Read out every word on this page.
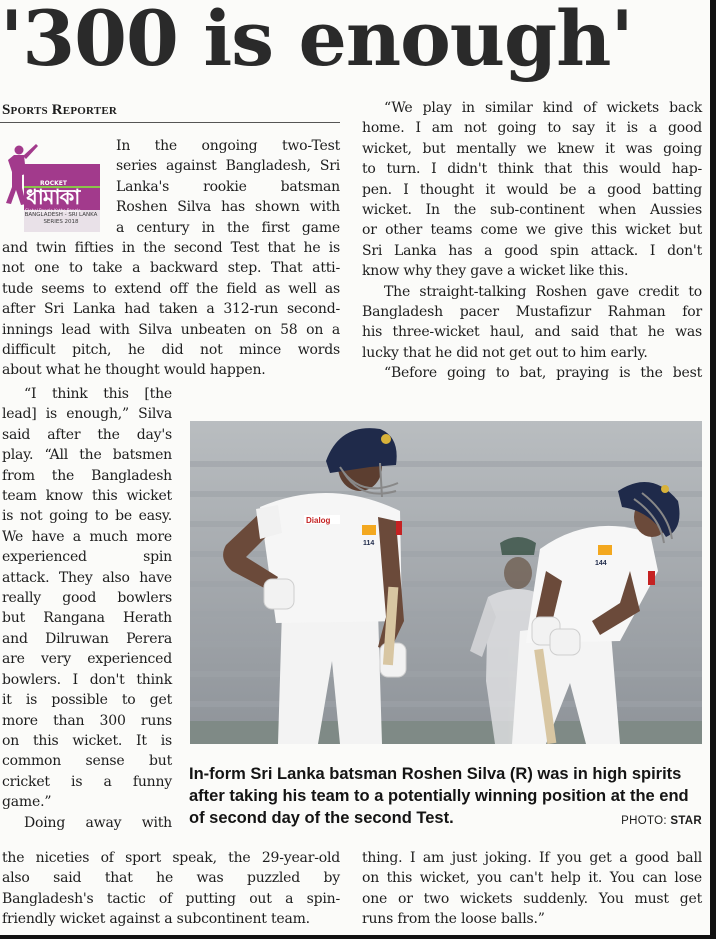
'300 is enough'
Sports Reporter
ROCKET
ধামাকা
Global Bangla Kotho Bangla
BANGLADESH - SRI LANKA
SERIES 2018
In the ongoing two-Test
series against Bangladesh, Sri
Lanka's rookie batsman
Roshen Silva has shown with
a century in the first game
and twin fifties in the second Test that he is
not one to take a backward step. That atti-
tude seems to extend off the field as well as
after Sri Lanka had taken a 312-run second-
innings lead with Silva unbeaten on 58 on a
difficult pitch, he did not mince words
about what he thought would happen.
“I think this [the
lead] is enough,” Silva
said after the day's
play. “All the batsmen
from the Bangladesh
team know this wicket
is not going to be easy.
We have a much more
experienced spin
attack. They also have
really good bowlers
but Rangana Herath
and Dilruwan Perera
are very experienced
bowlers. I don't think
it is possible to get
more than 300 runs
on this wicket. It is
common sense but
cricket is a funny
game.”
Doing away with
the niceties of sport speak, the 29-year-old
also said that he was puzzled by
Bangladesh's tactic of putting out a spin-
friendly wicket against a subcontinent team.
“We play in similar kind of wickets back
home. I am not going to say it is a good
wicket, but mentally we knew it was going
to turn. I didn't think that this would hap-
pen. I thought it would be a good batting
wicket. In the sub-continent when Aussies
or other teams come we give this wicket but
Sri Lanka has a good spin attack. I don't
know why they gave a wicket like this.
The straight-talking Roshen gave credit to
Bangladesh pacer Mustafizur Rahman for
his three-wicket haul, and said that he was
lucky that he did not get out to him early.
“Before going to bat, praying is the best
Dialog
114
144

In-form Sri Lanka batsman Roshen Silva (R) was in high spirits after taking his team to a potentially winning position at the end of second day of the second Test.	PHOTO: STAR
thing. I am just joking. If you get a good ball
on this wicket, you can't help it. You can lose
one or two wickets suddenly. You must get
runs from the loose balls.”
